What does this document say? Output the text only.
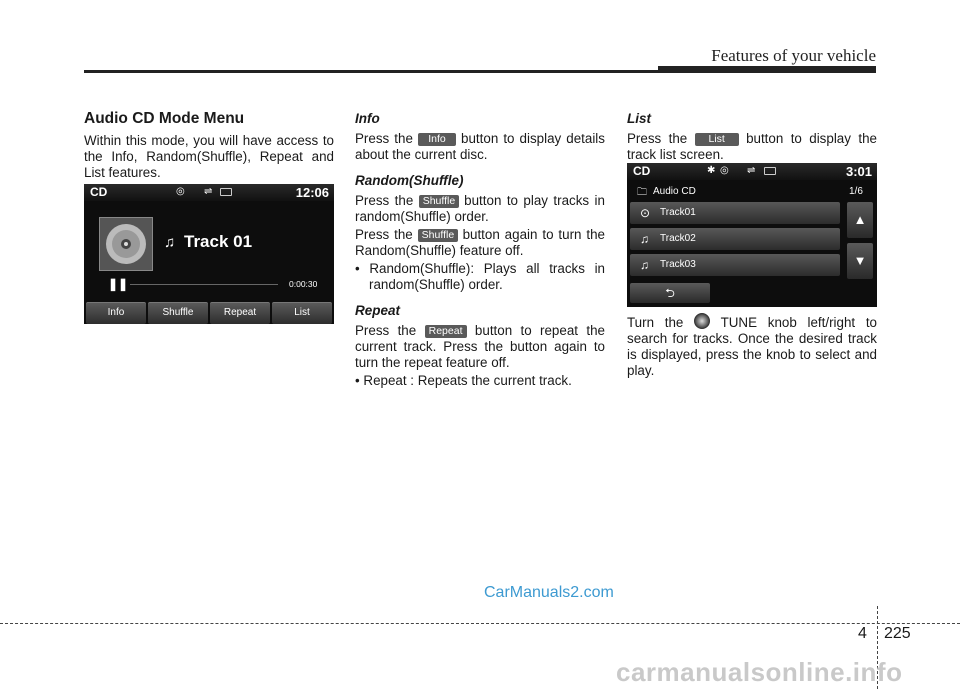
Features of your vehicle
Audio CD Mode Menu

Within this mode, you will have access to the Info, Random(Shuffle), Repeat and List features.

CD	◎ ⇌	12:06
♫ Track 01
❚❚	0:00:30
Info	Shuffle	Repeat	List
Info

Press the Info button to display details about the current disc.

Random(Shuffle)

Press the Shuffle button to play tracks in random(Shuffle) order.

Press the Shuffle button again to turn the Random(Shuffle) feature off.

• Random(Shuffle): Plays all tracks in random(Shuffle) order.

Repeat

Press the Repeat button to repeat the current track. Press the button again to turn the repeat feature off.

• Repeat : Repeats the current track.

List

Press the List button to display the track list screen.

CD	✱ ◎ ⇌	3:01
🗀 Audio CD	1/6
⊙ Track01
♫ Track02
♫ Track03
▲
▼
⮌

Turn the	TUNE knob left/right to search for tracks. Once the desired track is displayed, press the knob to select and play.

4 225
CarManuals2.com
carmanualsonline.info
